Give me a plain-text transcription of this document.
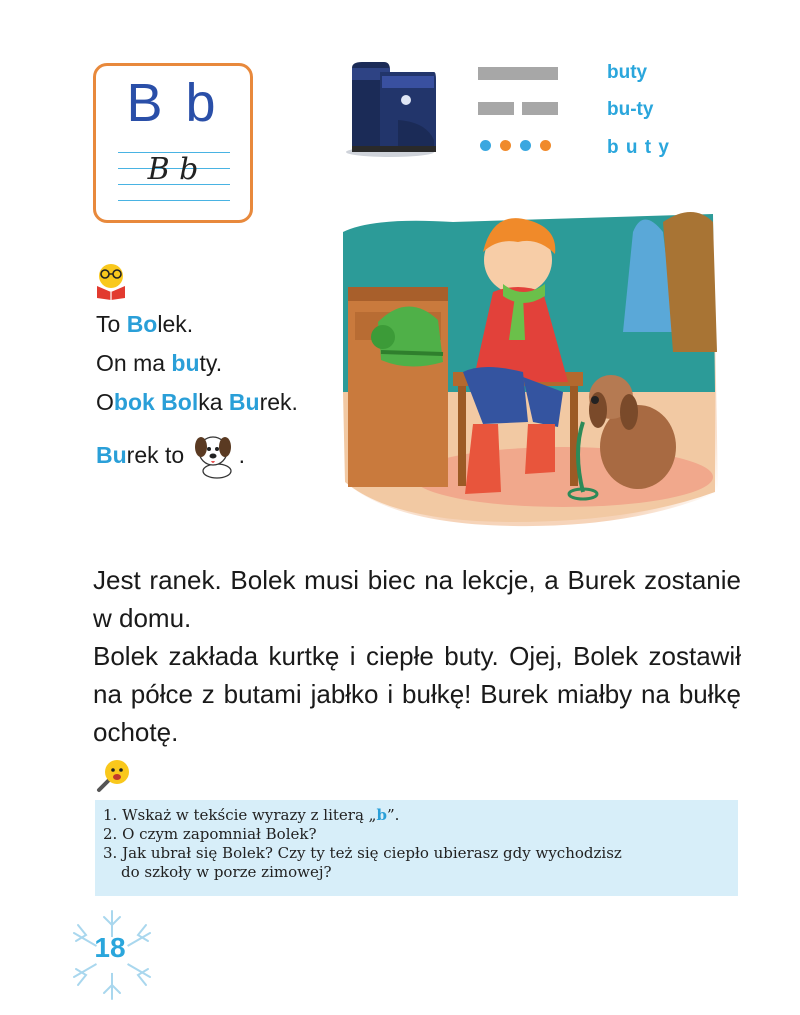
B b
B b
buty
bu-ty
b u t y
To Bolek.
On ma buty.
Obok Bolka Burek.
Burek to .

Jest ranek. Bolek musi biec na lekcje, a Burek zostanie w domu.

Bolek zakłada kurtkę i ciepłe buty. Ojej, Bolek zostawił na półce z butami jabłko i bułkę! Burek miałby na bułkę ochotę.

1. Wskaż w tekście wyrazy z literą „b”.
2. O czym zapomniał Bolek?
3. Jak ubrał się Bolek? Czy ty też się ciepło ubierasz gdy wychodzisz
do szkoły w porze zimowej?
18
